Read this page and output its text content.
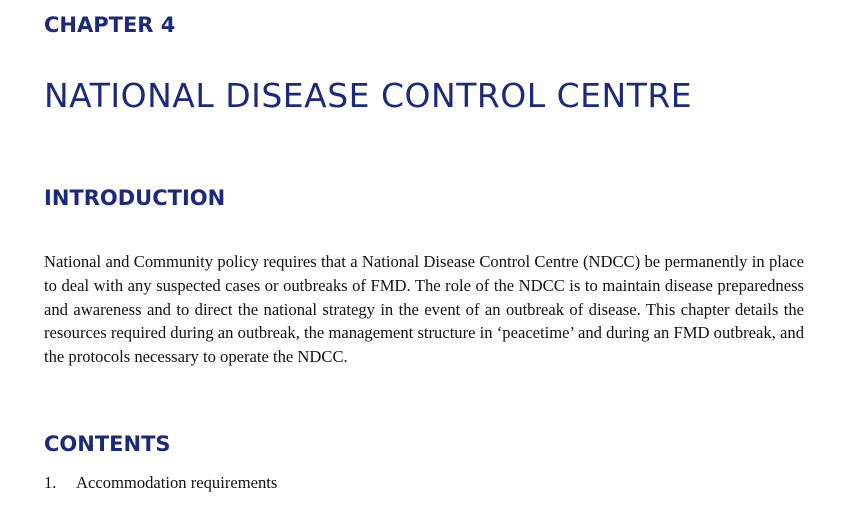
CHAPTER 4
NATIONAL DISEASE CONTROL CENTRE
INTRODUCTION

National and Community policy requires that a National Disease Control Centre (NDCC) be permanently in place to deal with any suspected cases or outbreaks of FMD. The role of the NDCC is to maintain disease preparedness and awareness and to direct the national strategy in the event of an outbreak of disease. This chapter details the resources required during an outbreak, the management structure in ‘peacetime’ and during an FMD outbreak, and the protocols necessary to operate the NDCC.

CONTENTS
1.	Accommodation requirements
